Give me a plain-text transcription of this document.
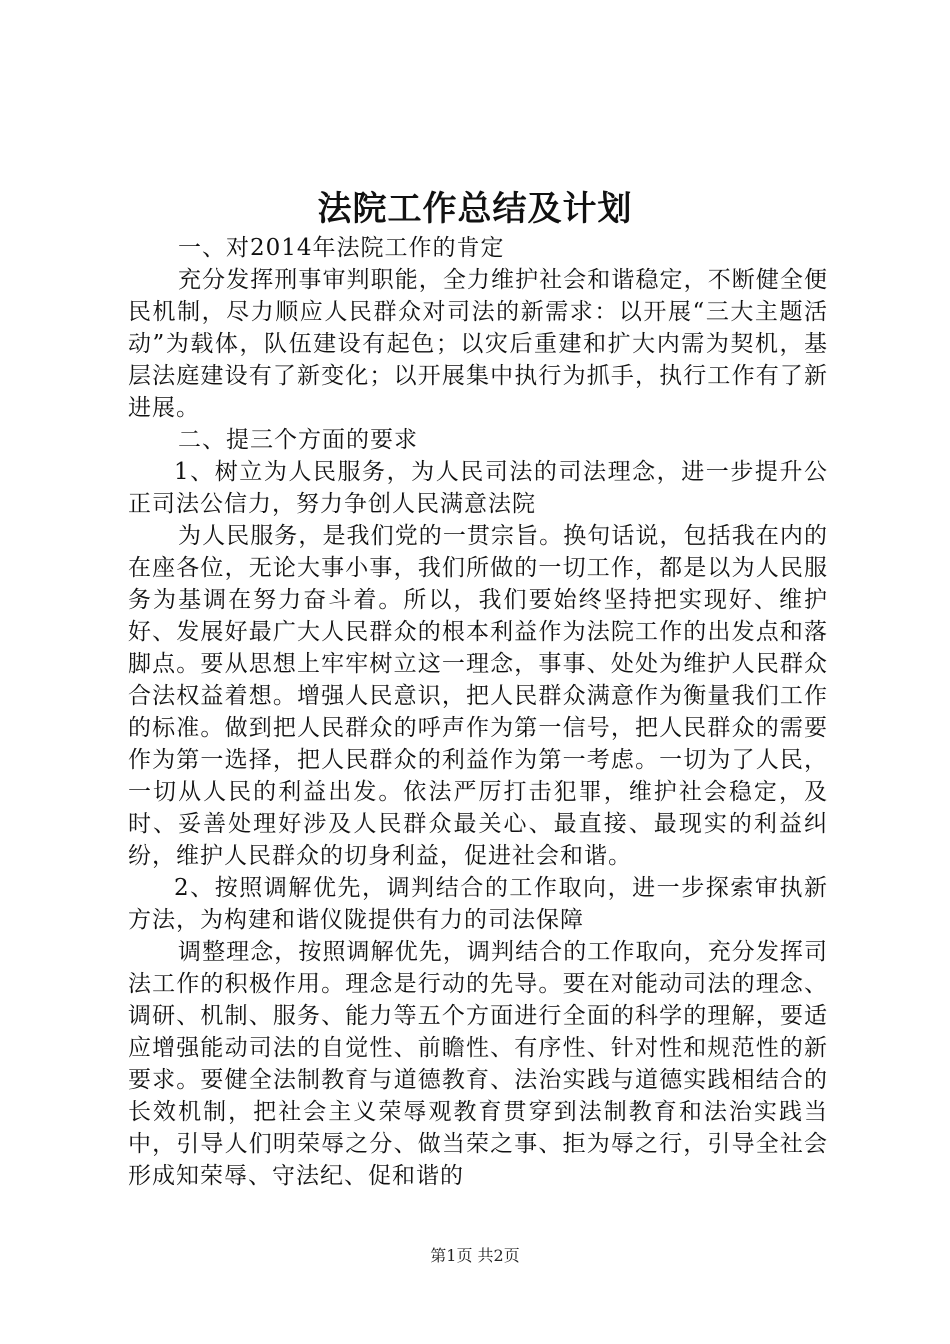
法院工作总结及计划

一、对2014年法院工作的肯定

充分发挥刑事审判职能，全力维护社会和谐稳定，不断健全便民机制，尽力顺应人民群众对司法的新需求：以开展“三大主题活动”为载体，队伍建设有起色；以灾后重建和扩大内需为契机，基层法庭建设有了新变化；以开展集中执行为抓手，执行工作有了新进展。

二、提三个方面的要求

1、树立为人民服务，为人民司法的司法理念，进一步提升公正司法公信力，努力争创人民满意法院

为人民服务，是我们党的一贯宗旨。换句话说，包括我在内的在座各位，无论大事小事，我们所做的一切工作，都是以为人民服务为基调在努力奋斗着。所以，我们要始终坚持把实现好、维护好、发展好最广大人民群众的根本利益作为法院工作的出发点和落脚点。要从思想上牢牢树立这一理念，事事、处处为维护人民群众合法权益着想。增强人民意识，把人民群众满意作为衡量我们工作的标准。做到把人民群众的呼声作为第一信号，把人民群众的需要作为第一选择，把人民群众的利益作为第一考虑。一切为了人民，一切从人民的利益出发。依法严厉打击犯罪，维护社会稳定，及时、妥善处理好涉及人民群众最关心、最直接、最现实的利益纠纷，维护人民群众的切身利益，促进社会和谐。

2、按照调解优先，调判结合的工作取向，进一步探索审执新方法，为构建和谐仪陇提供有力的司法保障

调整理念，按照调解优先，调判结合的工作取向，充分发挥司法工作的积极作用。理念是行动的先导。要在对能动司法的理念、调研、机制、服务、能力等五个方面进行全面的科学的理解，要适应增强能动司法的自觉性、前瞻性、有序性、针对性和规范性的新要求。要健全法制教育与道德教育、法治实践与道德实践相结合的长效机制，把社会主义荣辱观教育贯穿到法制教育和法治实践当中，引导人们明荣辱之分、做当荣之事、拒为辱之行，引导全社会形成知荣辱、守法纪、促和谐的

第1页 共2页
